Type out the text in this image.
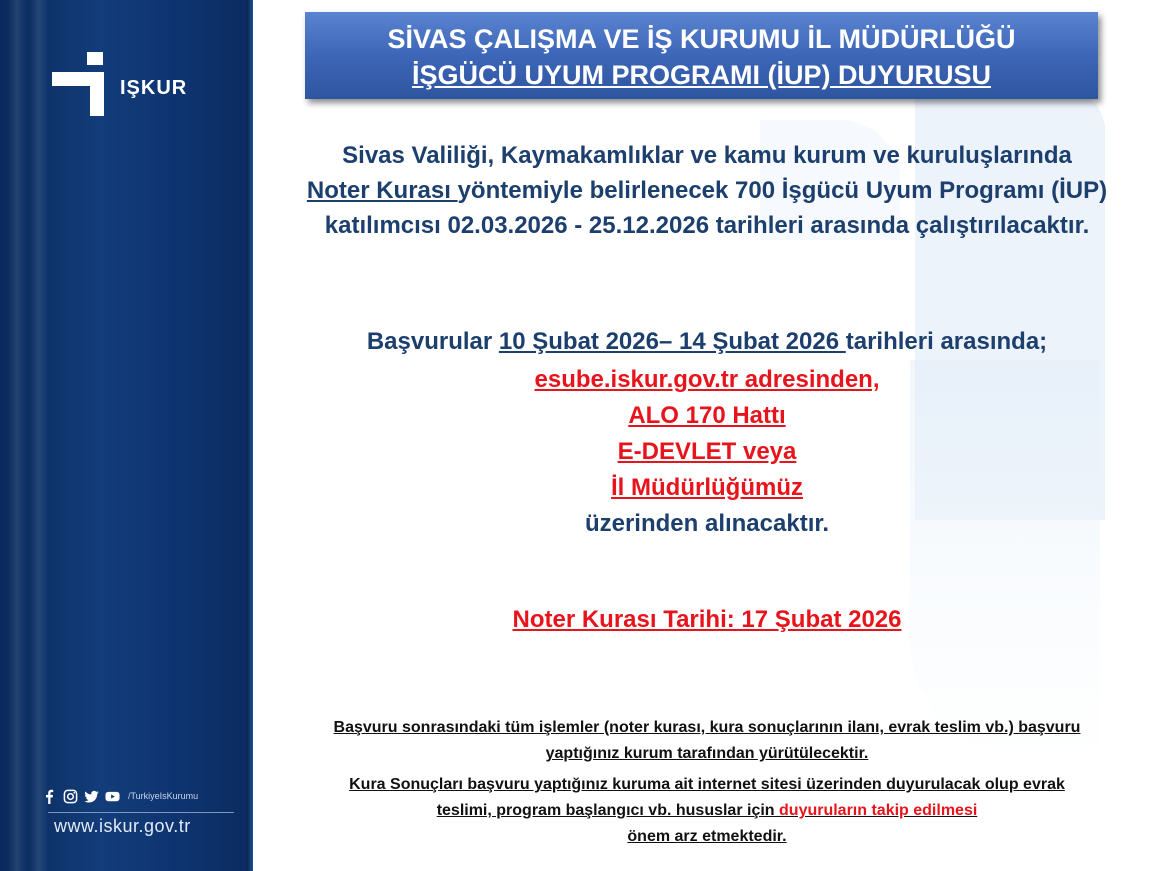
IŞKUR
/TurkiyeIsKurumu
www.iskur.gov.tr
SİVAS ÇALIŞMA VE İŞ KURUMU İL MÜDÜRLÜĞÜ
İŞGÜCÜ UYUM PROGRAMI (İUP) DUYURUSU
Sivas Valiliği, Kaymakamlıklar ve kamu kurum ve kuruluşlarında
Noter Kurası yöntemiyle belirlenecek 700 İşgücü Uyum Programı (İUP)
katılımcısı 02.03.2026 - 25.12.2026 tarihleri arasında çalıştırılacaktır.
Başvurular 10 Şubat 2026– 14 Şubat 2026 tarihleri arasında;
esube.iskur.gov.tr adresinden,
ALO 170 Hattı
E-DEVLET veya
İl Müdürlüğümüz
üzerinden alınacaktır.
Noter Kurası Tarihi: 17 Şubat 2026
Başvuru sonrasındaki tüm işlemler (noter kurası, kura sonuçlarının ilanı, evrak teslim vb.) başvuru
yaptığınız kurum tarafından yürütülecektir.
Kura Sonuçları başvuru yaptığınız kuruma ait internet sitesi üzerinden duyurulacak olup evrak
teslimi, program başlangıcı vb. hususlar için duyuruların takip edilmesi
önem arz etmektedir.
